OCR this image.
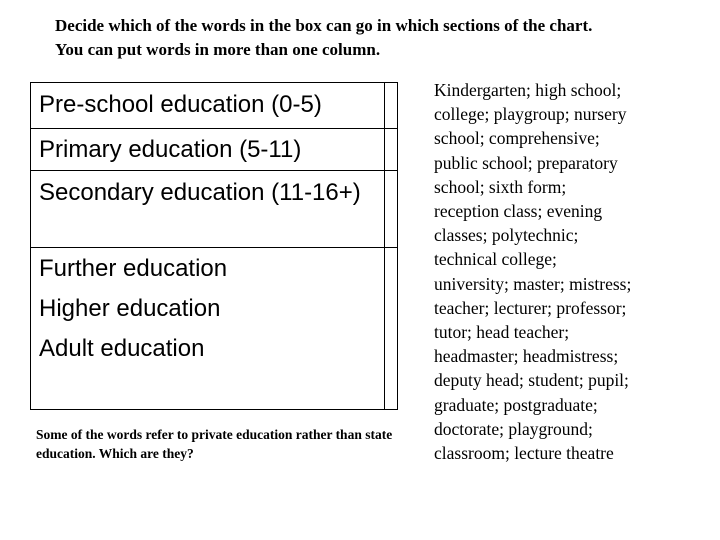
Decide which of the words in the box can go in which sections of the chart.
You can put words in more than one column.
Pre-school education (0-5)
Primary education (5-11)
Secondary education (11-16+)
Further education
Higher education
Adult education
Some of the words refer to private education rather than state education. Which are they?
Kindergarten; high school;
college; playgroup; nursery
school; comprehensive;
public school; preparatory
school; sixth form;
reception class; evening
classes; polytechnic;
technical college;
university; master; mistress;
teacher; lecturer; professor;
tutor; head teacher;
headmaster; headmistress;
deputy head; student; pupil;
graduate; postgraduate;
doctorate; playground;
classroom; lecture theatre
